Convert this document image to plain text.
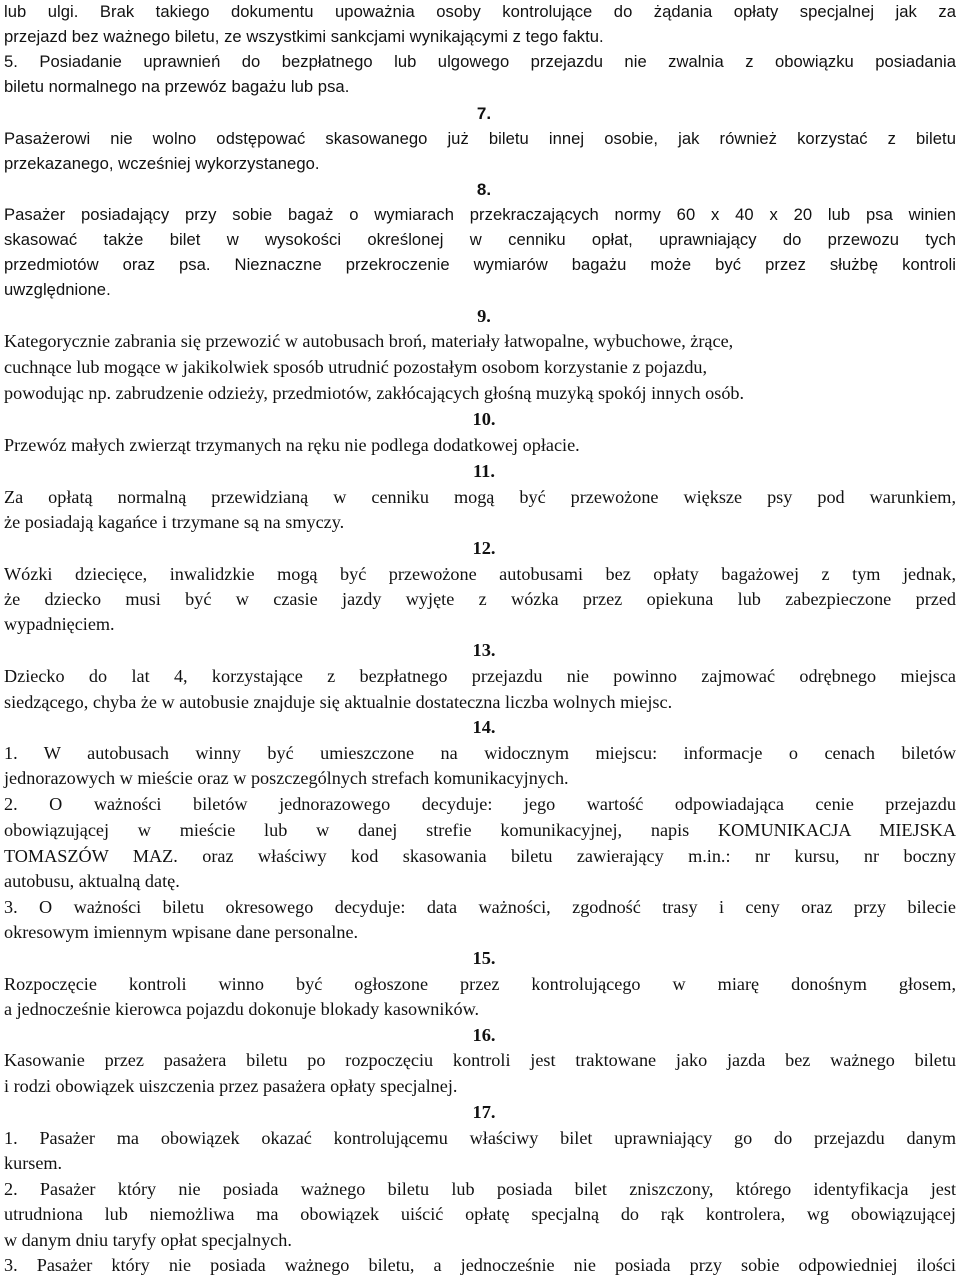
lub ulgi. Brak takiego dokumentu upoważnia osoby kontrolujące do żądania opłaty specjalnej jak za
przejazd bez ważnego biletu, ze wszystkimi sankcjami wynikającymi z tego faktu.
5. Posiadanie uprawnień do bezpłatnego lub ulgowego przejazdu nie zwalnia z obowiązku posiadania
biletu normalnego na przewóz bagażu lub psa.
7.
Pasażerowi nie wolno odstępować skasowanego już biletu innej osobie, jak również korzystać z biletu
przekazanego, wcześniej wykorzystanego.
8.
Pasażer posiadający przy sobie bagaż o wymiarach przekraczających normy 60 x 40 x 20 lub psa winien
skasować także bilet w wysokości określonej w cenniku opłat, uprawniający do przewozu tych
przedmiotów oraz psa. Nieznaczne przekroczenie wymiarów bagażu może być przez służbę kontroli
uwzględnione.
9.
Kategorycznie zabrania się przewozić w autobusach broń, materiały łatwopalne, wybuchowe, żrące,
cuchnące lub mogące w jakikolwiek sposób utrudnić pozostałym osobom korzystanie z pojazdu,
powodując np. zabrudzenie odzieży, przedmiotów, zakłócających głośną muzyką spokój innych osób.
10.
Przewóz małych zwierząt trzymanych na ręku nie podlega dodatkowej opłacie.
11.
Za opłatą normalną przewidzianą w cenniku mogą być przewożone większe psy pod warunkiem,
że posiadają kagańce i trzymane są na smyczy.
12.
Wózki dziecięce, inwalidzkie mogą być przewożone autobusami bez opłaty bagażowej z tym jednak,
że dziecko musi być w czasie jazdy wyjęte z wózka przez opiekuna lub zabezpieczone przed
wypadnięciem.
13.
Dziecko do lat 4, korzystające z bezpłatnego przejazdu nie powinno zajmować odrębnego miejsca
siedzącego, chyba że w autobusie znajduje się aktualnie dostateczna liczba wolnych miejsc.
14.
1. W autobusach winny być umieszczone na widocznym miejscu: informacje o cenach biletów
jednorazowych w mieście oraz w poszczególnych strefach komunikacyjnych.
2. O ważności biletów jednorazowego decyduje: jego wartość odpowiadająca cenie przejazdu
obowiązującej w mieście lub w danej strefie komunikacyjnej, napis KOMUNIKACJA MIEJSKA
TOMASZÓW MAZ. oraz właściwy kod skasowania biletu zawierający m.in.: nr kursu, nr boczny
autobusu, aktualną datę.
3. O ważności biletu okresowego decyduje: data ważności, zgodność trasy i ceny oraz przy bilecie
okresowym imiennym wpisane dane personalne.
15.
Rozpoczęcie kontroli winno być ogłoszone przez kontrolującego w miarę donośnym głosem,
a jednocześnie kierowca pojazdu dokonuje blokady kasowników.
16.
Kasowanie przez pasażera biletu po rozpoczęciu kontroli jest traktowane jako jazda bez ważnego biletu
i rodzi obowiązek uiszczenia przez pasażera opłaty specjalnej.
17.
1. Pasażer ma obowiązek okazać kontrolującemu właściwy bilet uprawniający go do przejazdu danym
kursem.
2. Pasażer który nie posiada ważnego biletu lub posiada bilet zniszczony, którego identyfikacja jest
utrudniona lub niemożliwa ma obowiązek uiścić opłatę specjalną do rąk kontrolera, wg obowiązującej
w danym dniu taryfy opłat specjalnych.
3. Pasażer który nie posiada ważnego biletu, a jednocześnie nie posiada przy sobie odpowiedniej ilości
